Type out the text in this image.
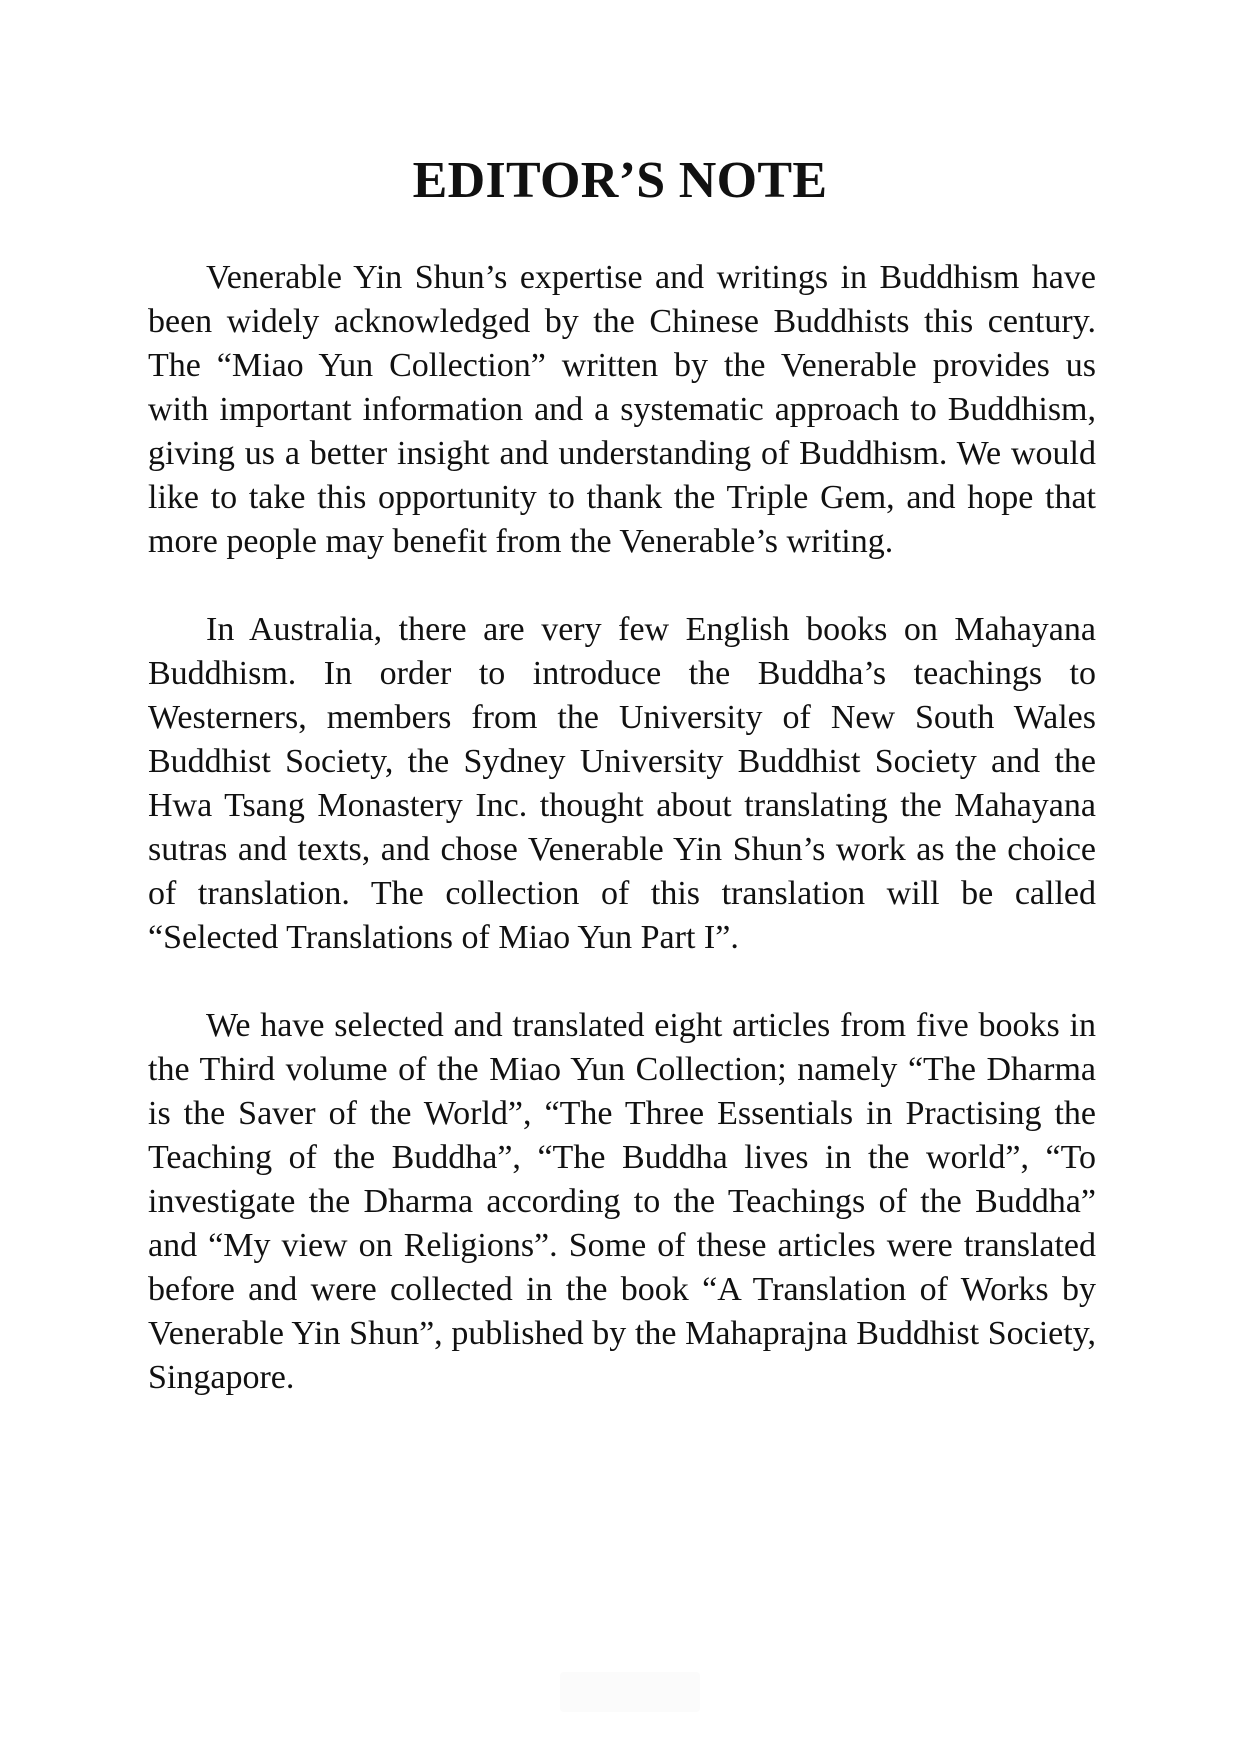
EDITOR’S NOTE

Venerable Yin Shun’s expertise and writings in Buddhism have been widely acknowledged by the Chinese Buddhists this century. The “Miao Yun Collection” written by the Venerable provides us with important information and a systematic approach to Buddhism, giving us a better insight and understanding of Buddhism. We would like to take this opportunity to thank the Triple Gem, and hope that more people may benefit from the Venerable’s writing.

In Australia, there are very few English books on Mahayana Buddhism. In order to introduce the Buddha’s teachings to Westerners, members from the University of New South Wales Buddhist Society, the Sydney University Buddhist Society and the Hwa Tsang Monastery Inc. thought about translating the Mahayana sutras and texts, and chose Venerable Yin Shun’s work as the choice of translation. The collection of this translation will be called “Selected Translations of Miao Yun Part I”.

We have selected and translated eight articles from five books in the Third volume of the Miao Yun Collection; namely “The Dharma is the Saver of the World”, “The Three Essentials in Practising the Teaching of the Buddha”, “The Buddha lives in the world”, “To investigate the Dharma according to the Teachings of the Buddha” and “My view on Religions”. Some of these articles were translated before and were collected in the book “A Translation of Works by Venerable Yin Shun”, published by the Mahaprajna Buddhist Society, Singapore.
